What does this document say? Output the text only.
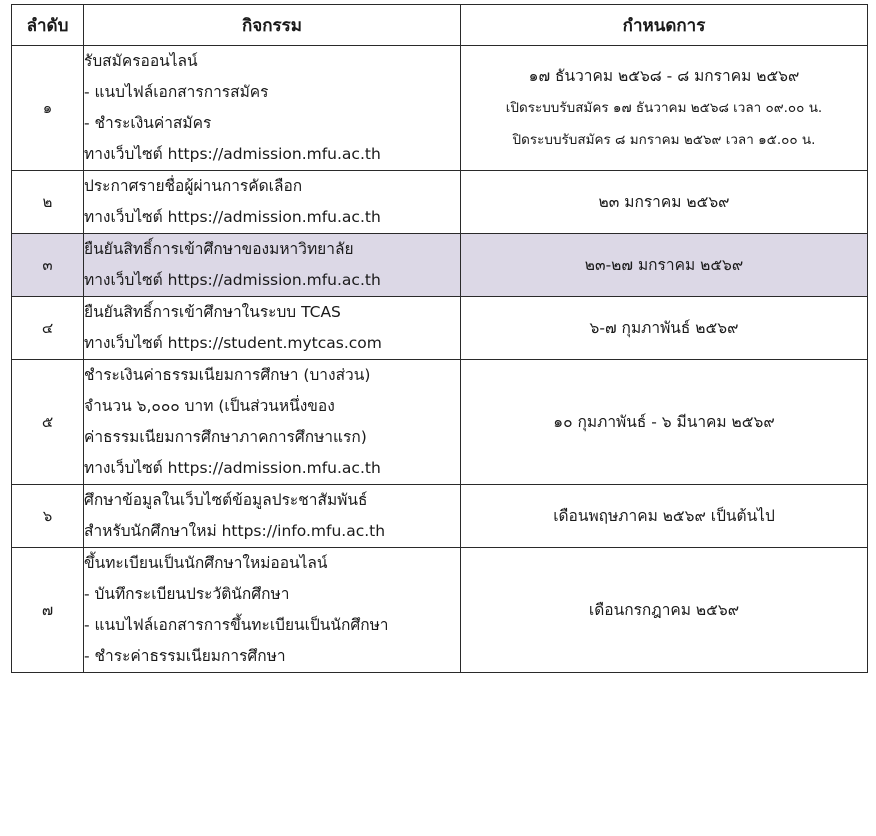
ลำดับ	กิจกรรม	กำหนดการ
๑	รับสมัครออนไลน์
- แนบไฟล์เอกสารการสมัคร
- ชำระเงินค่าสมัคร
ทางเว็บไซต์ https://admission.mfu.ac.th	๑๗ ธันวาคม ๒๕๖๘ - ๘ มกราคม ๒๕๖๙
เปิดระบบรับสมัคร ๑๗ ธันวาคม ๒๕๖๘ เวลา ๐๙.๐๐ น.
ปิดระบบรับสมัคร ๘ มกราคม ๒๕๖๙ เวลา ๑๕.๐๐ น.

๒	ประกาศรายชื่อผู้ผ่านการคัดเลือก
ทางเว็บไซต์ https://admission.mfu.ac.th	๒๓ มกราคม ๒๕๖๙

๓	ยืนยันสิทธิ์การเข้าศึกษาของมหาวิทยาลัย
ทางเว็บไซต์ https://admission.mfu.ac.th	๒๓-๒๗ มกราคม ๒๕๖๙

๔	ยืนยันสิทธิ์การเข้าศึกษาในระบบ TCAS
ทางเว็บไซต์ https://student.mytcas.com	๖-๗ กุมภาพันธ์ ๒๕๖๙

๕	ชำระเงินค่าธรรมเนียมการศึกษา (บางส่วน)
จำนวน ๖,๐๐๐ บาท (เป็นส่วนหนึ่งของ
ค่าธรรมเนียมการศึกษาภาคการศึกษาแรก)
ทางเว็บไซต์ https://admission.mfu.ac.th	๑๐ กุมภาพันธ์ - ๖ มีนาคม ๒๕๖๙

๖	ศึกษาข้อมูลในเว็บไซต์ข้อมูลประชาสัมพันธ์
สำหรับนักศึกษาใหม่ https://info.mfu.ac.th	เดือนพฤษภาคม ๒๕๖๙ เป็นต้นไป

๗	ขึ้นทะเบียนเป็นนักศึกษาใหม่ออนไลน์
- บันทึกระเบียนประวัตินักศึกษา
- แนบไฟล์เอกสารการขึ้นทะเบียนเป็นนักศึกษา
- ชำระค่าธรรมเนียมการศึกษา	เดือนกรกฎาคม ๒๕๖๙
